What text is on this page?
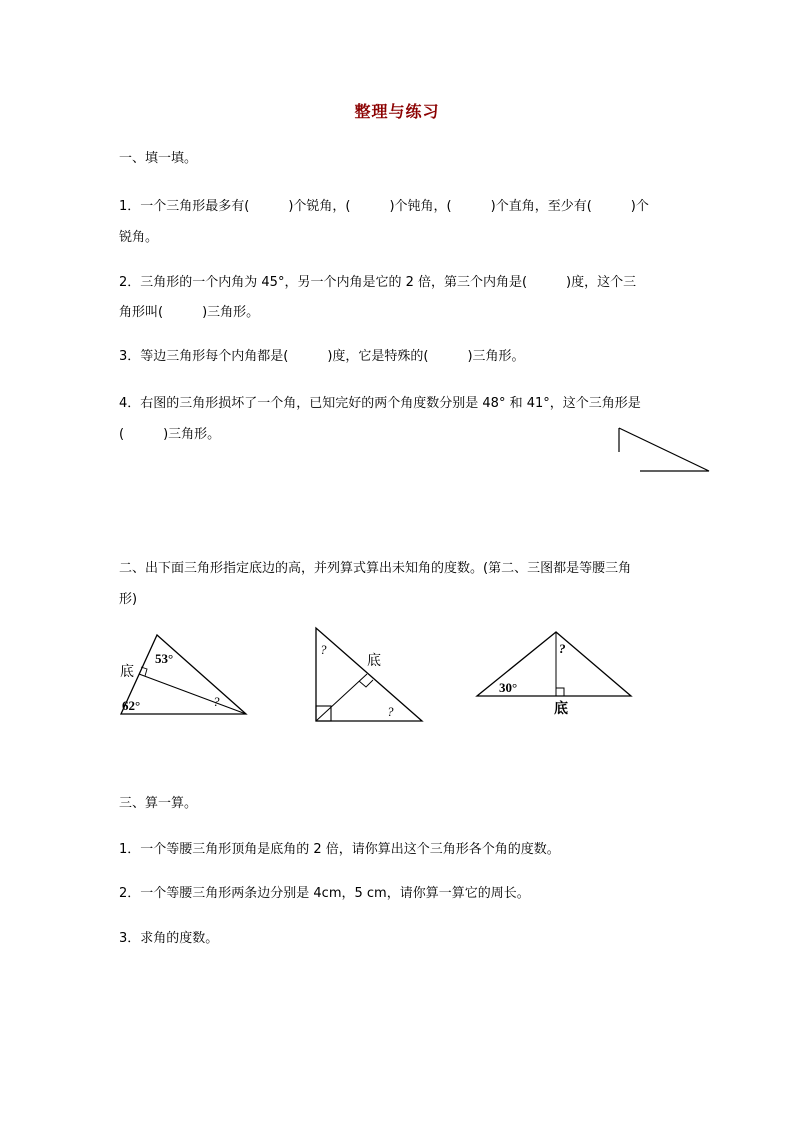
整理与练习
一、填一填。
1．一个三角形最多有(　　　)个锐角，(　　　)个钝角，(　　　)个直角，至少有(　　　)个
锐角。
2．三角形的一个内角为 45°，另一个内角是它的 2 倍，第三个内角是(　　　)度，这个三
角形叫(　　　)三角形。
3．等边三角形每个内角都是(　　　)度，它是特殊的(　　　)三角形。
4．右图的三角形损坏了一个角，已知完好的两个角度数分别是 48° 和 41°，这个三角形是
(　　　)三角形。
二、出下面三角形指定底边的高，并列算式算出未知角的度数。(第二、三图都是等腰三角
形)
底
53°
62°	?
底
?
?
30°
底
?
三、算一算。
1．一个等腰三角形顶角是底角的 2 倍，请你算出这个三角形各个角的度数。
2．一个等腰三角形两条边分别是 4cm，5 cm，请你算一算它的周长。
3．求角的度数。
